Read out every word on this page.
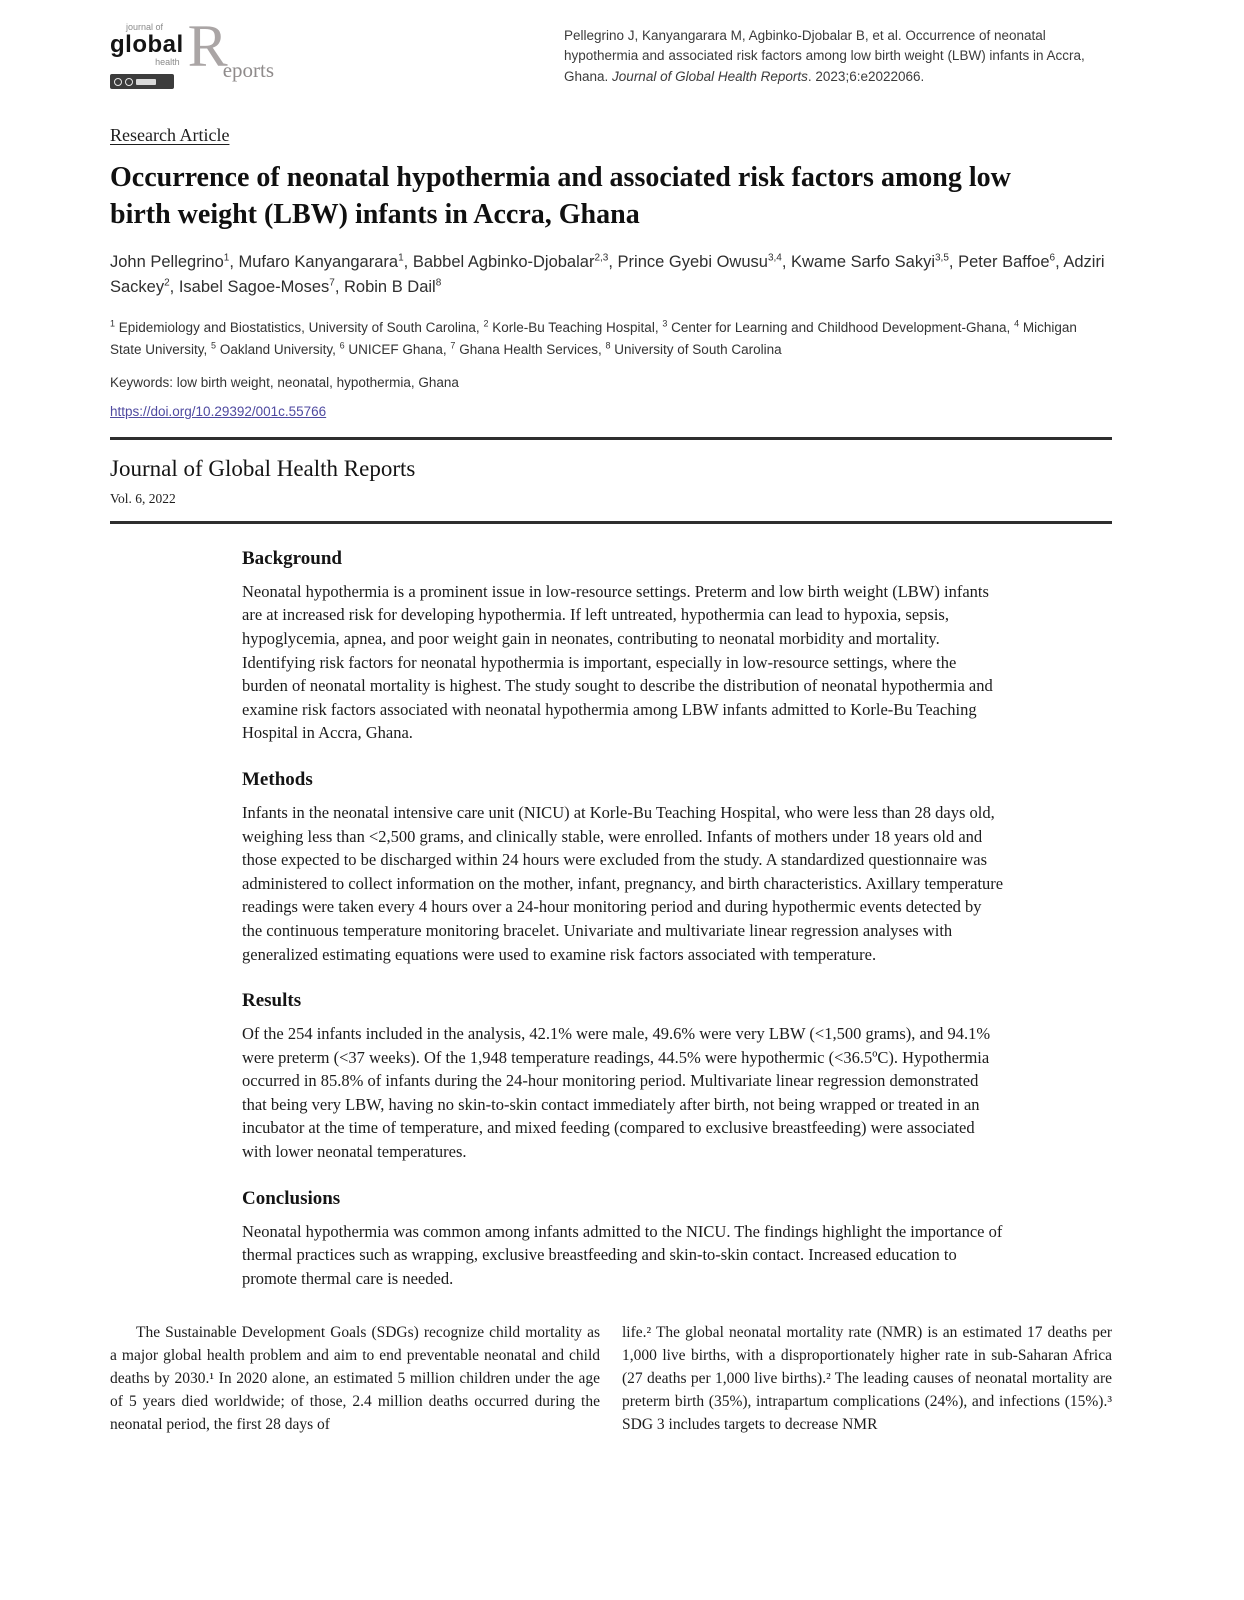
journal of
global
health R
eports

Pellegrino J, Kanyangarara M, Agbinko-Djobalar B, et al. Occurrence of neonatal hypothermia and associated risk factors among low birth weight (LBW) infants in Accra, Ghana. Journal of Global Health Reports. 2023;6:e2022066.

Research Article
Occurrence of neonatal hypothermia and associated risk factors among low birth weight (LBW) infants in Accra, Ghana

John Pellegrino$^1$, Mufaro Kanyangarara$^1$, Babbel Agbinko-Djobalar$^{2,3}$, Prince Gyebi Owusu$^{3,4}$, Kwame Sarfo Sakyi$^{3,5}$, Peter Baffoe$^6$, Adziri Sackey$^2$, Isabel Sagoe-Moses$^7$, Robin B Dail$^8$

$^1$ Epidemiology and Biostatistics, University of South Carolina, $^2$ Korle-Bu Teaching Hospital, $^3$ Center for Learning and Childhood Development-Ghana, $^4$ Michigan State University, $^5$ Oakland University, $^6$ UNICEF Ghana, $^7$ Ghana Health Services, $^8$ University of South Carolina

Keywords: low birth weight, neonatal, hypothermia, Ghana

https://doi.org/10.29392/001c.55766

Journal of Global Health Reports
Vol. 6, 2022
Background

Neonatal hypothermia is a prominent issue in low-resource settings. Preterm and low birth weight (LBW) infants are at increased risk for developing hypothermia. If left untreated, hypothermia can lead to hypoxia, sepsis, hypoglycemia, apnea, and poor weight gain in neonates, contributing to neonatal morbidity and mortality. Identifying risk factors for neonatal hypothermia is important, especially in low-resource settings, where the burden of neonatal mortality is highest. The study sought to describe the distribution of neonatal hypothermia and examine risk factors associated with neonatal hypothermia among LBW infants admitted to Korle-Bu Teaching Hospital in Accra, Ghana.

Methods

Infants in the neonatal intensive care unit (NICU) at Korle-Bu Teaching Hospital, who were less than 28 days old, weighing less than <2,500 grams, and clinically stable, were enrolled. Infants of mothers under 18 years old and those expected to be discharged within 24 hours were excluded from the study. A standardized questionnaire was administered to collect information on the mother, infant, pregnancy, and birth characteristics. Axillary temperature readings were taken every 4 hours over a 24-hour monitoring period and during hypothermic events detected by the continuous temperature monitoring bracelet. Univariate and multivariate linear regression analyses with generalized estimating equations were used to examine risk factors associated with temperature.

Results

Of the 254 infants included in the analysis, 42.1% were male, 49.6% were very LBW (<1,500 grams), and 94.1% were preterm (<37 weeks). Of the 1,948 temperature readings, 44.5% were hypothermic (<36.5ºC). Hypothermia occurred in 85.8% of infants during the 24-hour monitoring period. Multivariate linear regression demonstrated that being very LBW, having no skin-to-skin contact immediately after birth, not being wrapped or treated in an incubator at the time of temperature, and mixed feeding (compared to exclusive breastfeeding) were associated with lower neonatal temperatures.

Conclusions

Neonatal hypothermia was common among infants admitted to the NICU. The findings highlight the importance of thermal practices such as wrapping, exclusive breastfeeding and skin-to-skin contact. Increased education to promote thermal care is needed.

The Sustainable Development Goals (SDGs) recognize child mortality as a major global health problem and aim to end preventable neonatal and child deaths by 2030.¹ In 2020 alone, an estimated 5 million children under the age of 5 years died worldwide; of those, 2.4 million deaths occurred during the neonatal period, the first 28 days of

life.² The global neonatal mortality rate (NMR) is an estimated 17 deaths per 1,000 live births, with a disproportionately higher rate in sub-Saharan Africa (27 deaths per 1,000 live births).² The leading causes of neonatal mortality are preterm birth (35%), intrapartum complications (24%), and infections (15%).³ SDG 3 includes targets to decrease NMR
